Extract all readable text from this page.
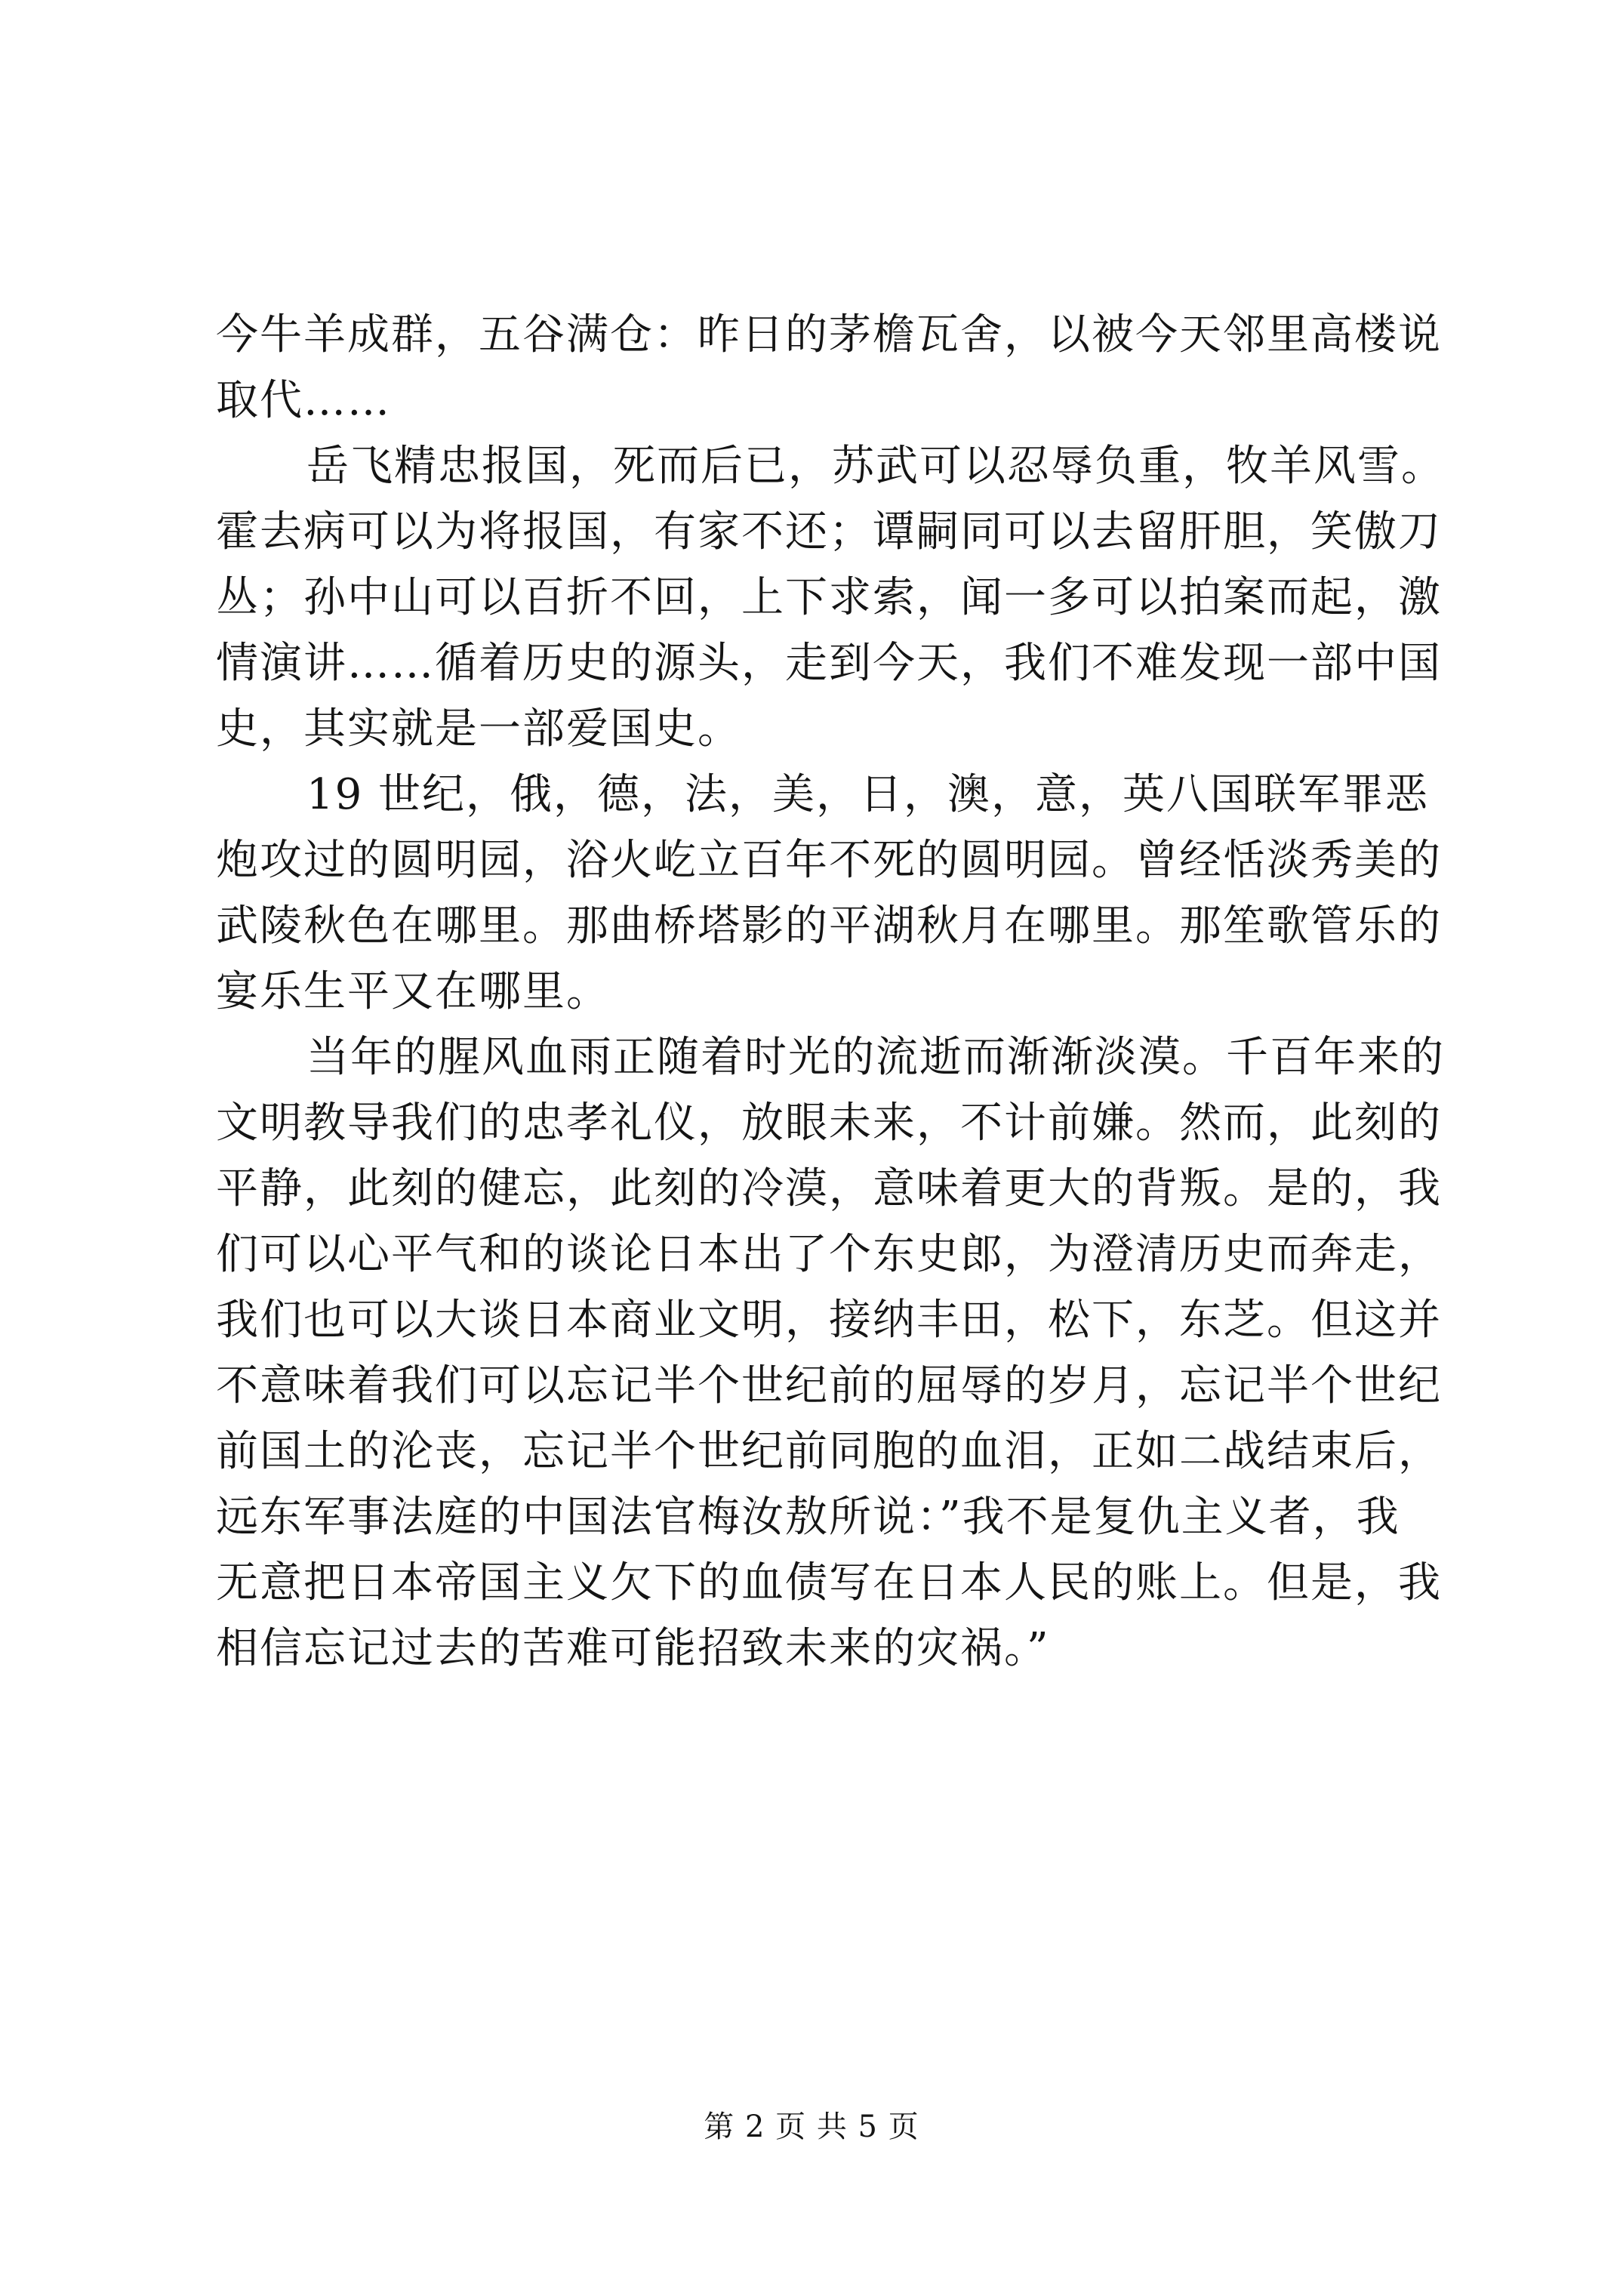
今牛羊成群，五谷满仓：昨日的茅檐瓦舍，以被今天邻里高楼说
取代……
岳飞精忠报国，死而后已，苏武可以忍辱负重，牧羊风雪。
霍去病可以为将报国，有家不还；谭嗣同可以去留肝胆，笑傲刀
丛；孙中山可以百折不回，上下求索，闻一多可以拍案而起，激
情演讲……循着历史的源头，走到今天，我们不难发现一部中国
史，其实就是一部爱国史。
19 世纪，俄，德，法，美，日，澳，意，英八国联军罪恶
炮攻过的圆明园，浴火屹立百年不死的圆明园。曾经恬淡秀美的
武陵秋色在哪里。那曲桥塔影的平湖秋月在哪里。那笙歌管乐的
宴乐生平又在哪里。
当年的腥风血雨正随着时光的流逝而渐渐淡漠。千百年来的
文明教导我们的忠孝礼仪，放眼未来，不计前嫌。然而，此刻的
平静，此刻的健忘，此刻的冷漠，意味着更大的背叛。是的，我
们可以心平气和的谈论日本出了个东史郎，为澄清历史而奔走，
我们也可以大谈日本商业文明，接纳丰田，松下，东芝。但这并
不意味着我们可以忘记半个世纪前的屈辱的岁月，忘记半个世纪
前国土的沦丧，忘记半个世纪前同胞的血泪，正如二战结束后，
远东军事法庭的中国法官梅汝敖所说：”我不是复仇主义者，我
无意把日本帝国主义欠下的血债写在日本人民的账上。但是，我
相信忘记过去的苦难可能招致未来的灾祸。”
第 2 页 共 5 页
